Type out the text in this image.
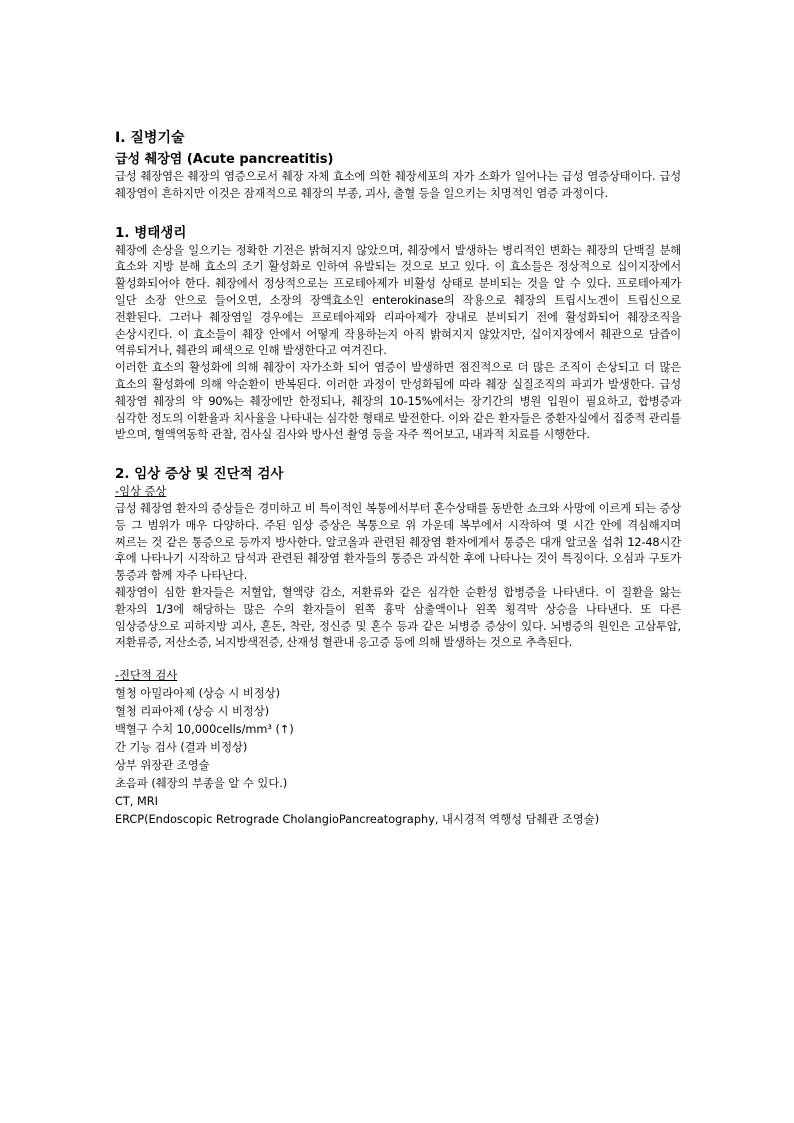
Ⅰ. 질병기술
급성 췌장염 (Acute pancreatitis)

급성 췌장염은 췌장의 염증으로서 췌장 자체 효소에 의한 췌장세포의 자가 소화가 일어나는 급성 염증상태이다. 급성 췌장염이 흔하지만 이것은 잠재적으로 췌장의 부종, 괴사, 출혈 등을 일으키는 치명적인 염증 과정이다.

1. 병태생리

췌장에 손상을 일으키는 정확한 기전은 밝혀지지 않았으며, 췌장에서 발생하는 병리적인 변화는 췌장의 단백질 분해 효소와 지방 분해 효소의 조기 활성화로 인하여 유발되는 것으로 보고 있다. 이 효소들은 정상적으로 십이지장에서 활성화되어야 한다. 췌장에서 정상적으로는 프로테아제가 비활성 상태로 분비되는 것을 알 수 있다. 프로테아제가 일단 소장 안으로 들어오면, 소장의 장액효소인 enterokinase의 작용으로 췌장의 트립시노겐이 트립신으로 전환된다. 그러나 췌장염일 경우에는 프로테아제와 리파아제가 장내로 분비되기 전에 활성화되어 췌장조직을 손상시킨다. 이 효소들이 췌장 안에서 어떻게 작용하는지 아직 밝혀지지 않았지만, 십이지장에서 췌관으로 담즙이 역류되거나, 췌관의 폐색으로 인해 발생한다고 여겨진다.

이러한 효소의 활성화에 의해 췌장이 자가소화 되어 염증이 발생하면 점진적으로 더 많은 조직이 손상되고 더 많은 효소의 활성화에 의해 악순환이 반복된다. 이러한 과정이 만성화됨에 따라 췌장 실질조직의 파괴가 발생한다. 급성 췌장염 췌장의 약 90%는 췌장에만 한정되나, 췌장의 10-15%에서는 장기간의 병원 입원이 필요하고, 합병증과 심각한 정도의 이환율과 치사율을 나타내는 심각한 형태로 발전한다. 이와 같은 환자들은 중환자실에서 집중적 관리를 받으며, 혈액역동학 관찰, 검사실 검사와 방사선 촬영 등을 자주 찍어보고, 내과적 치료를 시행한다.

2. 임상 증상 및 진단적 검사

-임상 증상

급성 췌장염 환자의 증상들은 경미하고 비 특이적인 복통에서부터 혼수상태를 동반한 쇼크와 사망에 이르게 되는 증상 등 그 범위가 매우 다양하다. 주된 임상 증상은 복통으로 위 가운데 복부에서 시작하여 몇 시간 안에 격심해지며 찌르는 것 같은 통증으로 등까지 방사한다. 알코올과 관련된 췌장염 환자에게서 통증은 대개 알코올 섭취 12-48시간 후에 나타나기 시작하고 담석과 관련된 췌장염 환자들의 통증은 과식한 후에 나타나는 것이 특징이다. 오심과 구토가 통증과 함께 자주 나타난다.

췌장염이 심한 환자들은 저혈압, 혈액량 감소, 저환류와 같은 심각한 순환성 합병증을 나타낸다. 이 질환을 앓는 환자의 1/3에 해당하는 많은 수의 환자들이 왼쪽 흉막 삼출액이나 왼쪽 횡격막 상승을 나타낸다. 또 다른 임상증상으로 피하지방 괴사, 혼돈, 착란, 정신증 및 혼수 등과 같은 뇌병증 증상이 있다. 뇌병증의 원인은 고삼투압, 저환류증, 저산소증, 뇌지방색전증, 산재성 혈관내 응고증 등에 의해 발생하는 것으로 추측된다.

-진단적 검사

혈청 아밀라아제 (상승 시 비정상)

혈청 리파아제 (상승 시 비정상)

백혈구 수치 10,000cells/mm³ (↑)

간 기능 검사 (결과 비정상)

상부 위장관 조영술

초음파 (췌장의 부종을 알 수 있다.)

CT, MRI

ERCP(Endoscopic Retrograde CholangioPancreatography, 내시경적 역행성 담췌관 조영술)
